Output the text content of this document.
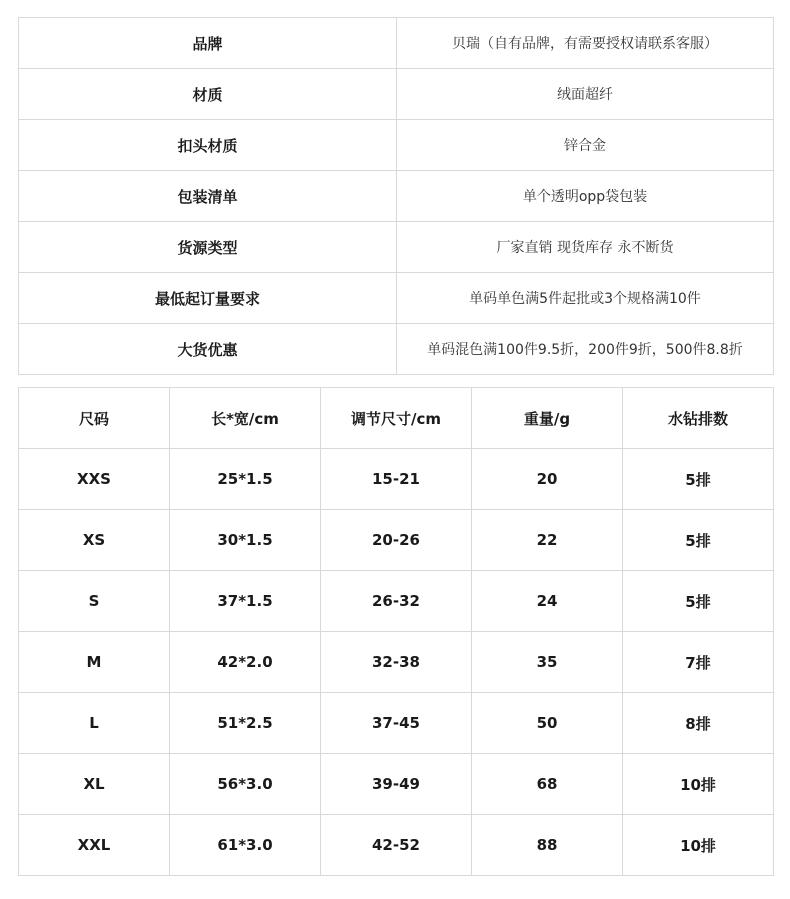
品牌	贝瑞（自有品牌，有需要授权请联系客服）
材质	绒面超纤
扣头材质	锌合金
包装清单	单个透明opp袋包装
货源类型	厂家直销 现货库存 永不断货
最低起订量要求	单码单色满5件起批或3个规格满10件
大货优惠	单码混色满100件9.5折，200件9折，500件8.8折
尺码	长*宽/cm	调节尺寸/cm	重量/g	水钻排数
XXS	25*1.5	15-21	20	5排
XS	30*1.5	20-26	22	5排
S	37*1.5	26-32	24	5排
M	42*2.0	32-38	35	7排
L	51*2.5	37-45	50	8排
XL	56*3.0	39-49	68	10排
XXL	61*3.0	42-52	88	10排
